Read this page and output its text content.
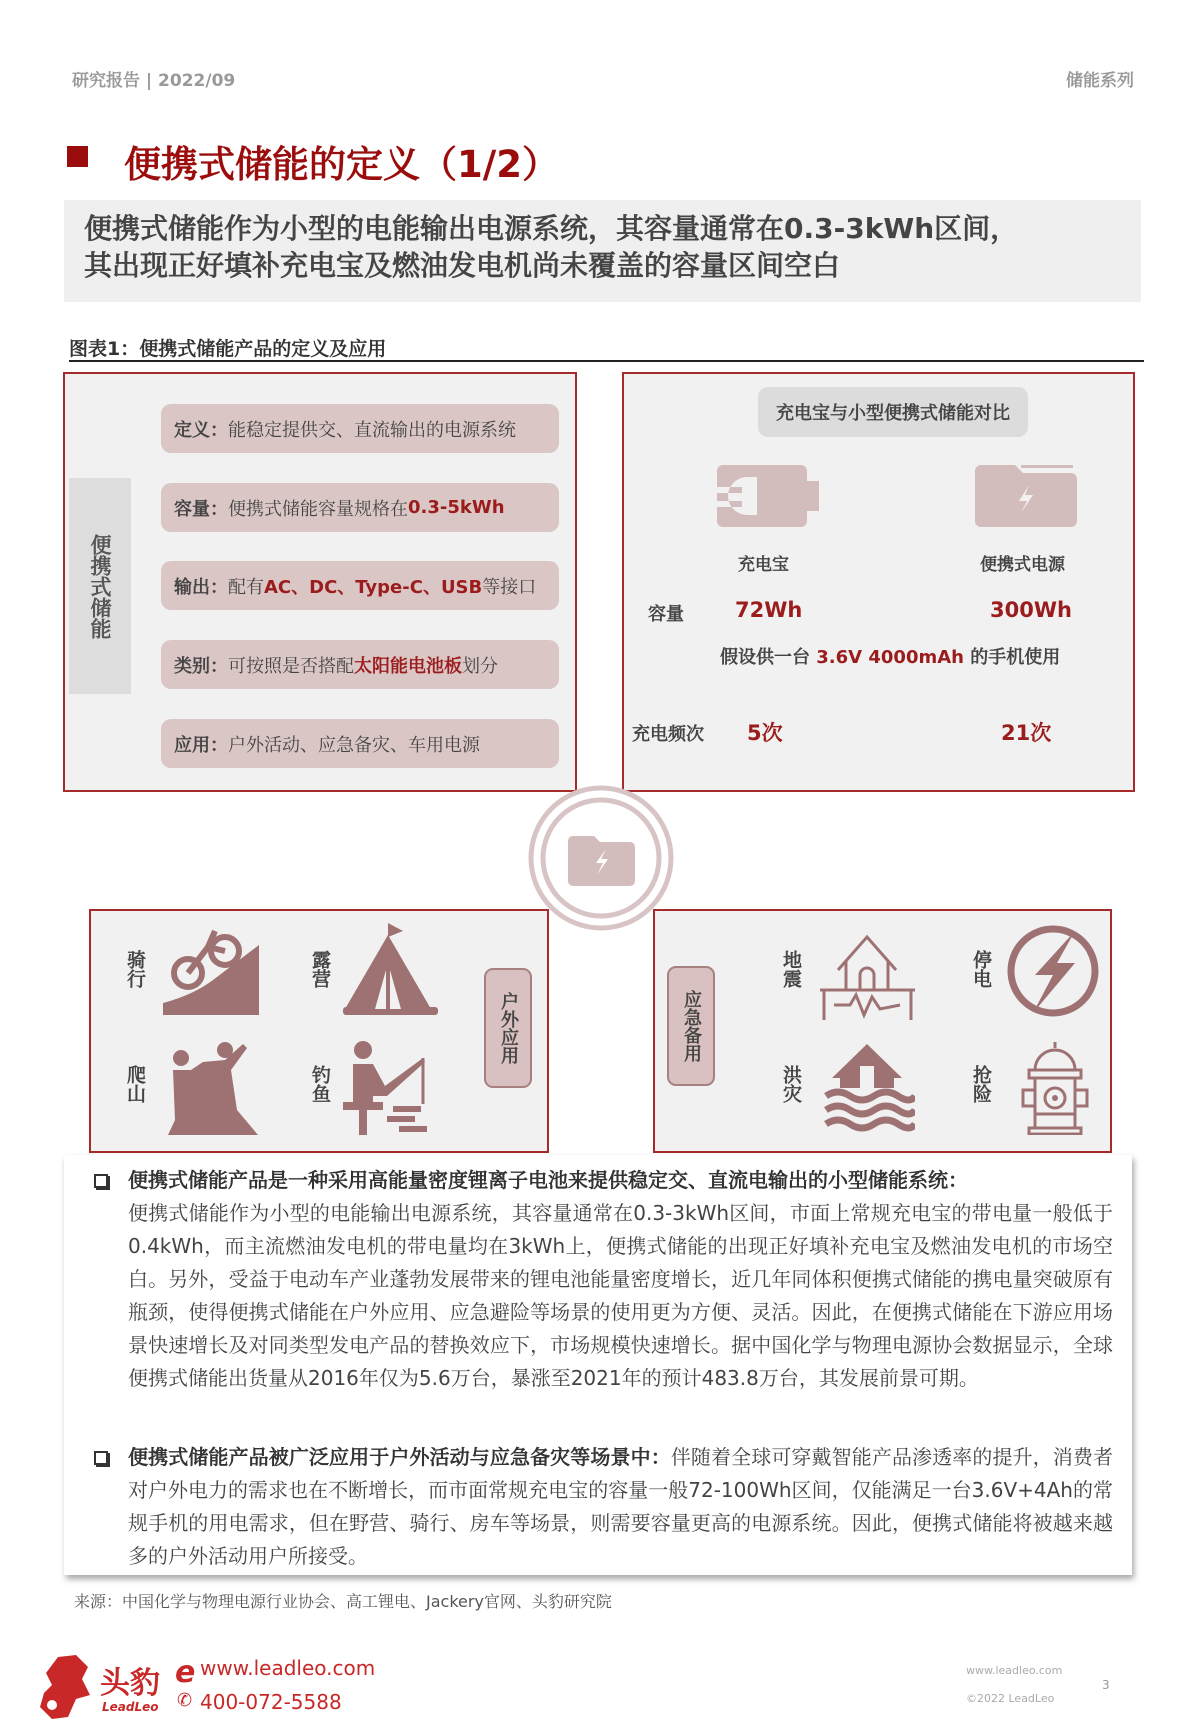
研究报告 | 2022/09	储能系列
便携式储能的定义（1/2）
便携式储能作为小型的电能输出电源系统，其容量通常在0.3-3kWh区间，
其出现正好填补充电宝及燃油发电机尚未覆盖的容量区间空白
图表1：便携式储能产品的定义及应用
便携式储能
定义： 能稳定提供交、直流输出的电源系统
容量： 便携式储能容量规格在 0.3-5kWh
输出： 配有 AC、DC、Type-C、USB 等接口
类别： 可按照是否搭配 太阳能电池板 划分
应用： 户外活动、应急备灾、车用电源
充电宝与小型便携式储能对比
充电宝	便携式电源
容量 72Wh	300Wh
假设供一台 3.6V 4000mAh 的手机使用
充电频次 5次	21次
骑行	露营
爬山	钓鱼
户外应用	应急备用
地震	停电
洪灾	抢险
便携式储能产品是一种采用高能量密度锂离子电池来提供稳定交、直流电输出的小型储能系统：
便携式储能作为小型的电能输出电源系统，其容量通常在0.3-3kWh区间，市面上常规充电宝的带电量一般低于0.4kWh，而主流燃油发电机的带电量均在3kWh上，便携式储能的出现正好填补充电宝及燃油发电机的市场空白。另外，受益于电动车产业蓬勃发展带来的锂电池能量密度增长，近几年同体积便携式储能的携电量突破原有瓶颈，使得便携式储能在户外应用、应急避险等场景的使用更为方便、灵活。因此，在便携式储能在下游应用场景快速增长及对同类型发电产品的替换效应下，市场规模快速增长。据中国化学与物理电源协会数据显示，全球便携式储能出货量从2016年仅为5.6万台，暴涨至2021年的预计483.8万台，其发展前景可期。
便携式储能产品被广泛应用于户外活动与应急备灾等场景中：伴随着全球可穿戴智能产品渗透率的提升，消费者对户外电力的需求也在不断增长，而市面常规充电宝的容量一般72-100Wh区间，仅能满足一台3.6V+4Ah的常规手机的用电需求，但在野营、骑行、房车等场景，则需要容量更高的电源系统。因此，便携式储能将被越来越多的户外活动用户所接受。
来源：中国化学与物理电源行业协会、高工锂电、Jackery官网、头豹研究院
头豹
LeadLeo
e www.leadleo.com
✆ 400-072-5588
www.leadleo.com
©2022 LeadLeo
3
